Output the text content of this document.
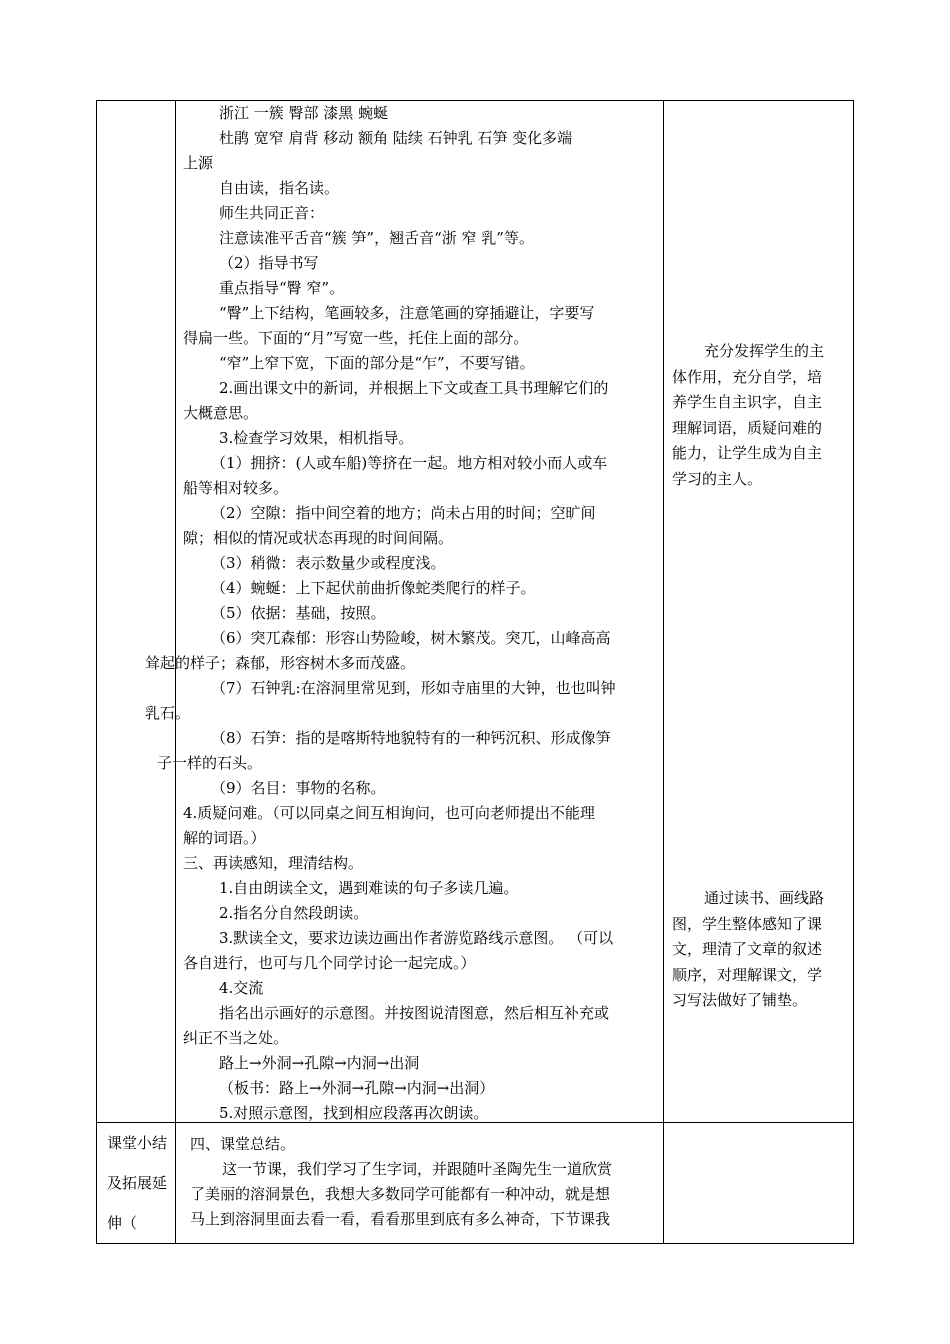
浙江 一簇 臀部 漆黑 蜿蜒
杜鹃 宽窄 肩背 移动 额角 陆续 石钟乳 石笋 变化多端
上源
自由读，指名读。
师生共同正音：
注意读准平舌音“簇 笋”，翘舌音“浙 窄 乳”等。
（2）指导书写
重点指导“臀 窄”。
“臀”上下结构，笔画较多，注意笔画的穿插避让，字要写
得扁一些。下面的“月”写宽一些，托住上面的部分。
“窄”上窄下宽，下面的部分是“乍”，不要写错。
2.画出课文中的新词，并根据上下文或查工具书理解它们的
大概意思。
3.检查学习效果，相机指导。
（1）拥挤：(人或车船)等挤在一起。地方相对较小而人或车
船等相对较多。
（2）空隙：指中间空着的地方；尚未占用的时间；空旷间
隙；相似的情况或状态再现的时间间隔。
（3）稍微：表示数量少或程度浅。
（4）蜿蜒：上下起伏前曲折像蛇类爬行的样子。
（5）依据：基础，按照。
（6）突兀森郁：形容山势险峻，树木繁茂。突兀，山峰高高
耸起的样子；森郁，形容树木多而茂盛。
（7）石钟乳:在溶洞里常见到，形如寺庙里的大钟，也也叫钟
乳石。
（8）石笋：指的是喀斯特地貌特有的一种钙沉积、形成像笋
子一样的石头。
（9）名目：事物的名称。
4.质疑问难。（可以同桌之间互相询问，也可向老师提出不能理
解的词语。）
三、再读感知，理清结构。
1.自由朗读全文，遇到难读的句子多读几遍。
2.指名分自然段朗读。
3.默读全文，要求边读边画出作者游览路线示意图。 （可以
各自进行，也可与几个同学讨论一起完成。）
4.交流
指名出示画好的示意图。并按图说清图意，然后相互补充或
纠正不当之处。
路上→外洞→孔隙→内洞→出洞
（板书：路上→外洞→孔隙→内洞→出洞）
5.对照示意图，找到相应段落再次朗读。
充分发挥学生的主
体作用，充分自学，培
养学生自主识字，自主
理解词语，质疑问难的
能力，让学生成为自主
学习的主人。
通过读书、画线路
图，学生整体感知了课
文，理清了文章的叙述
顺序，对理解课文，学
习写法做好了铺垫。
课堂小结
及拓展延
伸（
四、课堂总结。
这一节课，我们学习了生字词，并跟随叶圣陶先生一道欣赏
了美丽的溶洞景色，我想大多数同学可能都有一种冲动，就是想
马上到溶洞里面去看一看，看看那里到底有多么神奇，下节课我
